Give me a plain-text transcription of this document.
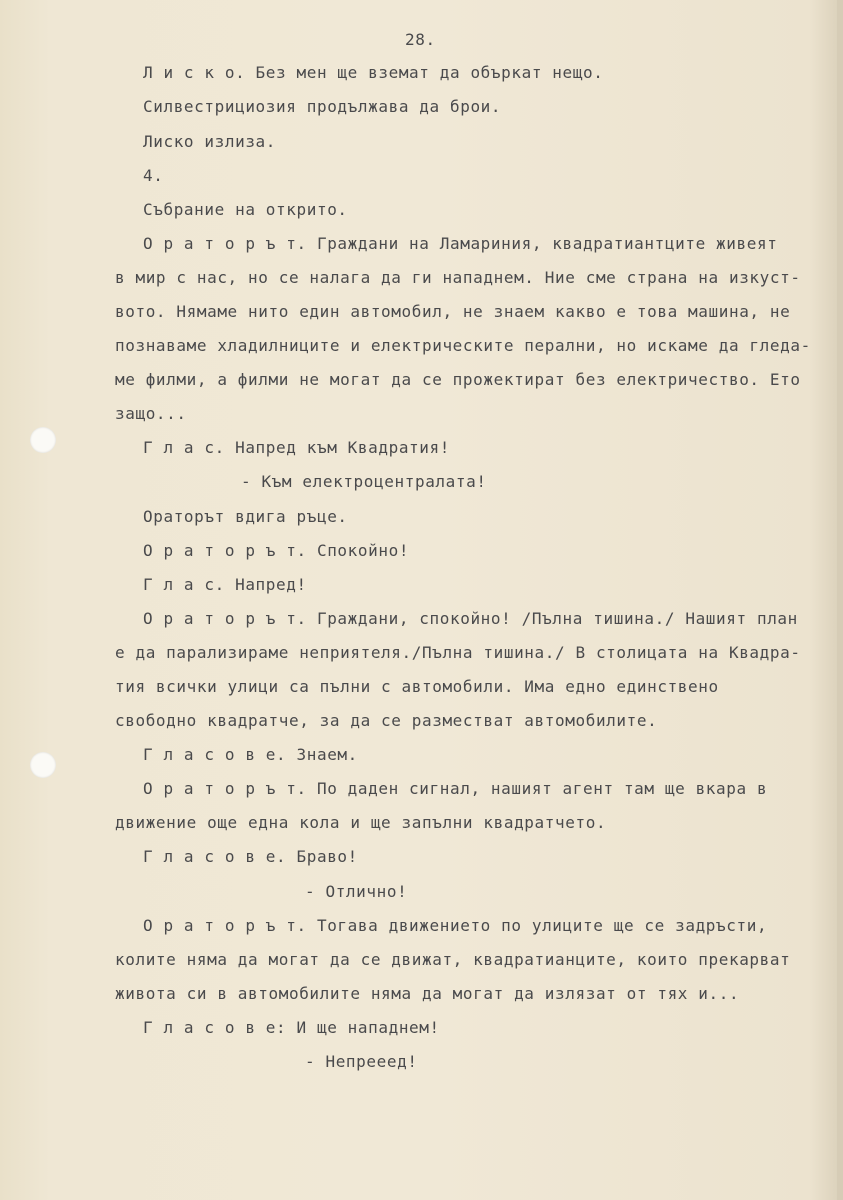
28.
Л и с к о. Без мен ще вземат да объркат нещо.
Силвестрициозия продължава да брои.
Лиско излиза.
4.
Събрание на открито.
О р а т о р ъ т. Граждани на Ламариния, квадратиантците живеят
в мир с нас, но се налага да ги нападнем. Ние сме страна на изкуст-
вото. Нямаме нито един автомобил, не знаем какво е това машина, не
познаваме хладилниците и електрическите перални, но искаме да гледа-
ме филми, а филми не могат да се прожектират без електричество. Ето
защо...
Г л а с. Напред към Квадратия!
- Към електроцентралата!
Ораторът вдига ръце.
О р а т о р ъ т. Спокойно!
Г л а с. Напред!
О р а т о р ъ т. Граждани, спокойно! /Пълна тишина./ Нашият план
е да парализираме неприятеля./Пълна тишина./ В столицата на Квадра-
тия всички улици са пълни с автомобили. Има едно единствено
свободно квадратче, за да се разместват автомобилите.
Г л а с о в е. Знаем.
О р а т о р ъ т. По даден сигнал, нашият агент там ще вкара в
движение още една кола и ще запълни квадратчето.
Г л а с о в е. Браво!
- Отлично!
О р а т о р ъ т. Тогава движението по улиците ще се задръсти,
колите няма да могат да се движат, квадратианците, които прекарват
живота си в автомобилите няма да могат да излязат от тях и...
Г л а с о в е: И ще нападнем!
- Непрееед!
